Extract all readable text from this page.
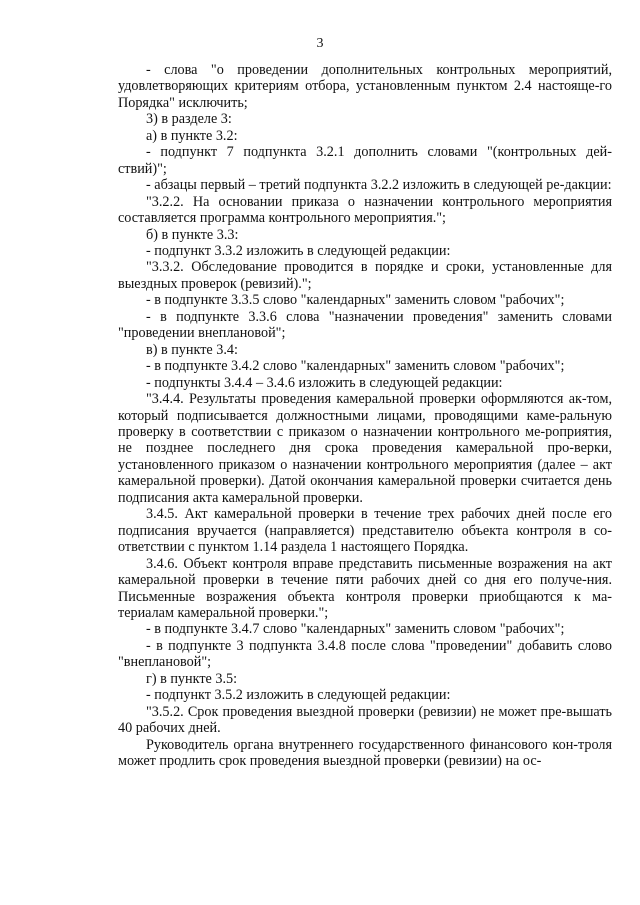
3

- слова "о проведении дополнительных контрольных мероприятий, удовлетворяющих критериям отбора, установленным пунктом 2.4 настояще-го Порядка" исключить;

3) в разделе 3:

а) в пункте 3.2:

- подпункт 7 подпункта 3.2.1 дополнить словами "(контрольных дей-ствий)";

- абзацы первый – третий подпункта 3.2.2 изложить в следующей ре-дакции:

"3.2.2. На основании приказа о назначении контрольного мероприятия составляется программа контрольного мероприятия.";

б) в пункте 3.3:

- подпункт 3.3.2 изложить в следующей редакции:

"3.3.2. Обследование проводится в порядке и сроки, установленные для выездных проверок (ревизий).";

- в подпункте 3.3.5 слово "календарных" заменить словом "рабочих";

- в подпункте 3.3.6 слова "назначении проведения" заменить словами "проведении внеплановой";

в) в пункте 3.4:

- в подпункте 3.4.2 слово "календарных" заменить словом "рабочих";

- подпункты 3.4.4 – 3.4.6 изложить в следующей редакции:

"3.4.4. Результаты проведения камеральной проверки оформляются ак-том, который подписывается должностными лицами, проводящими каме-ральную проверку в соответствии с приказом о назначении контрольного ме-роприятия, не позднее последнего дня срока проведения камеральной про-верки, установленного приказом о назначении контрольного мероприятия (далее – акт камеральной проверки). Датой окончания камеральной проверки считается день подписания акта камеральной проверки.

3.4.5. Акт камеральной проверки в течение трех рабочих дней после его подписания вручается (направляется) представителю объекта контроля в со-ответствии с пунктом 1.14 раздела 1 настоящего Порядка.

3.4.6. Объект контроля вправе представить письменные возражения на акт камеральной проверки в течение пяти рабочих дней со дня его получе-ния. Письменные возражения объекта контроля проверки приобщаются к ма-териалам камеральной проверки.";

- в подпункте 3.4.7 слово "календарных" заменить словом "рабочих";

- в подпункте 3 подпункта 3.4.8 после слова "проведении" добавить слово "внеплановой";

г) в пункте 3.5:

- подпункт 3.5.2 изложить в следующей редакции:

"3.5.2. Срок проведения выездной проверки (ревизии) не может пре-вышать 40 рабочих дней.

Руководитель органа внутреннего государственного финансового кон-троля может продлить срок проведения выездной проверки (ревизии) на ос-
